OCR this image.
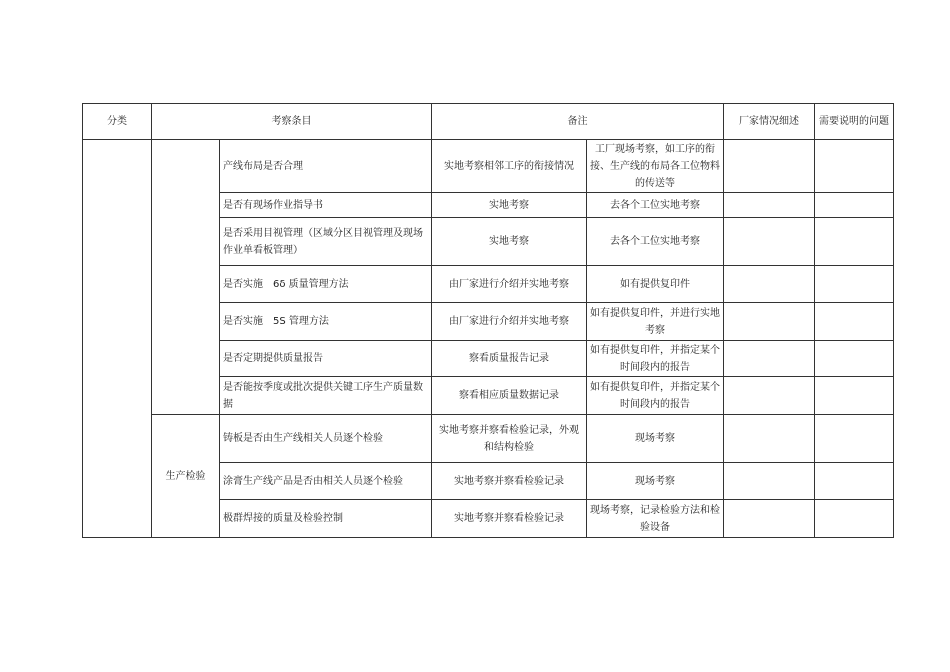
分类	考察条目		备注		厂家情况细述	需要说明的问题
		产线布局是否合理	实地考察相邻工序的衔接情况	工厂现场考察，如工序的衔接、生产线的布局各工位物料的传送等		
		是否有现场作业指导书	实地考察	去各个工位实地考察		
		是否采用目视管理（区域分区目视管理及现场作业单看板管理）	实地考察	去各个工位实地考察		
		是否实施　6δ 质量管理方法	由厂家进行介绍并实地考察	如有提供复印件		
		是否实施　5S 管理方法	由厂家进行介绍并实地考察	如有提供复印件，并进行实地考察		
		是否定期提供质量报告	察看质量报告记录	如有提供复印件，并指定某个时间段内的报告		
		是否能按季度或批次提供关键工序生产质量数据	察看相应质量数据记录	如有提供复印件，并指定某个时间段内的报告		
	生产检验	铸板是否由生产线相关人员逐个检验	实地考察并察看检验记录，外观和结构检验	现场考察		
		涂膏生产线产品是否由相关人员逐个检验	实地考察并察看检验记录	现场考察		
		极群焊接的质量及检验控制	实地考察并察看检验记录	现场考察，记录检验方法和检验设备		
